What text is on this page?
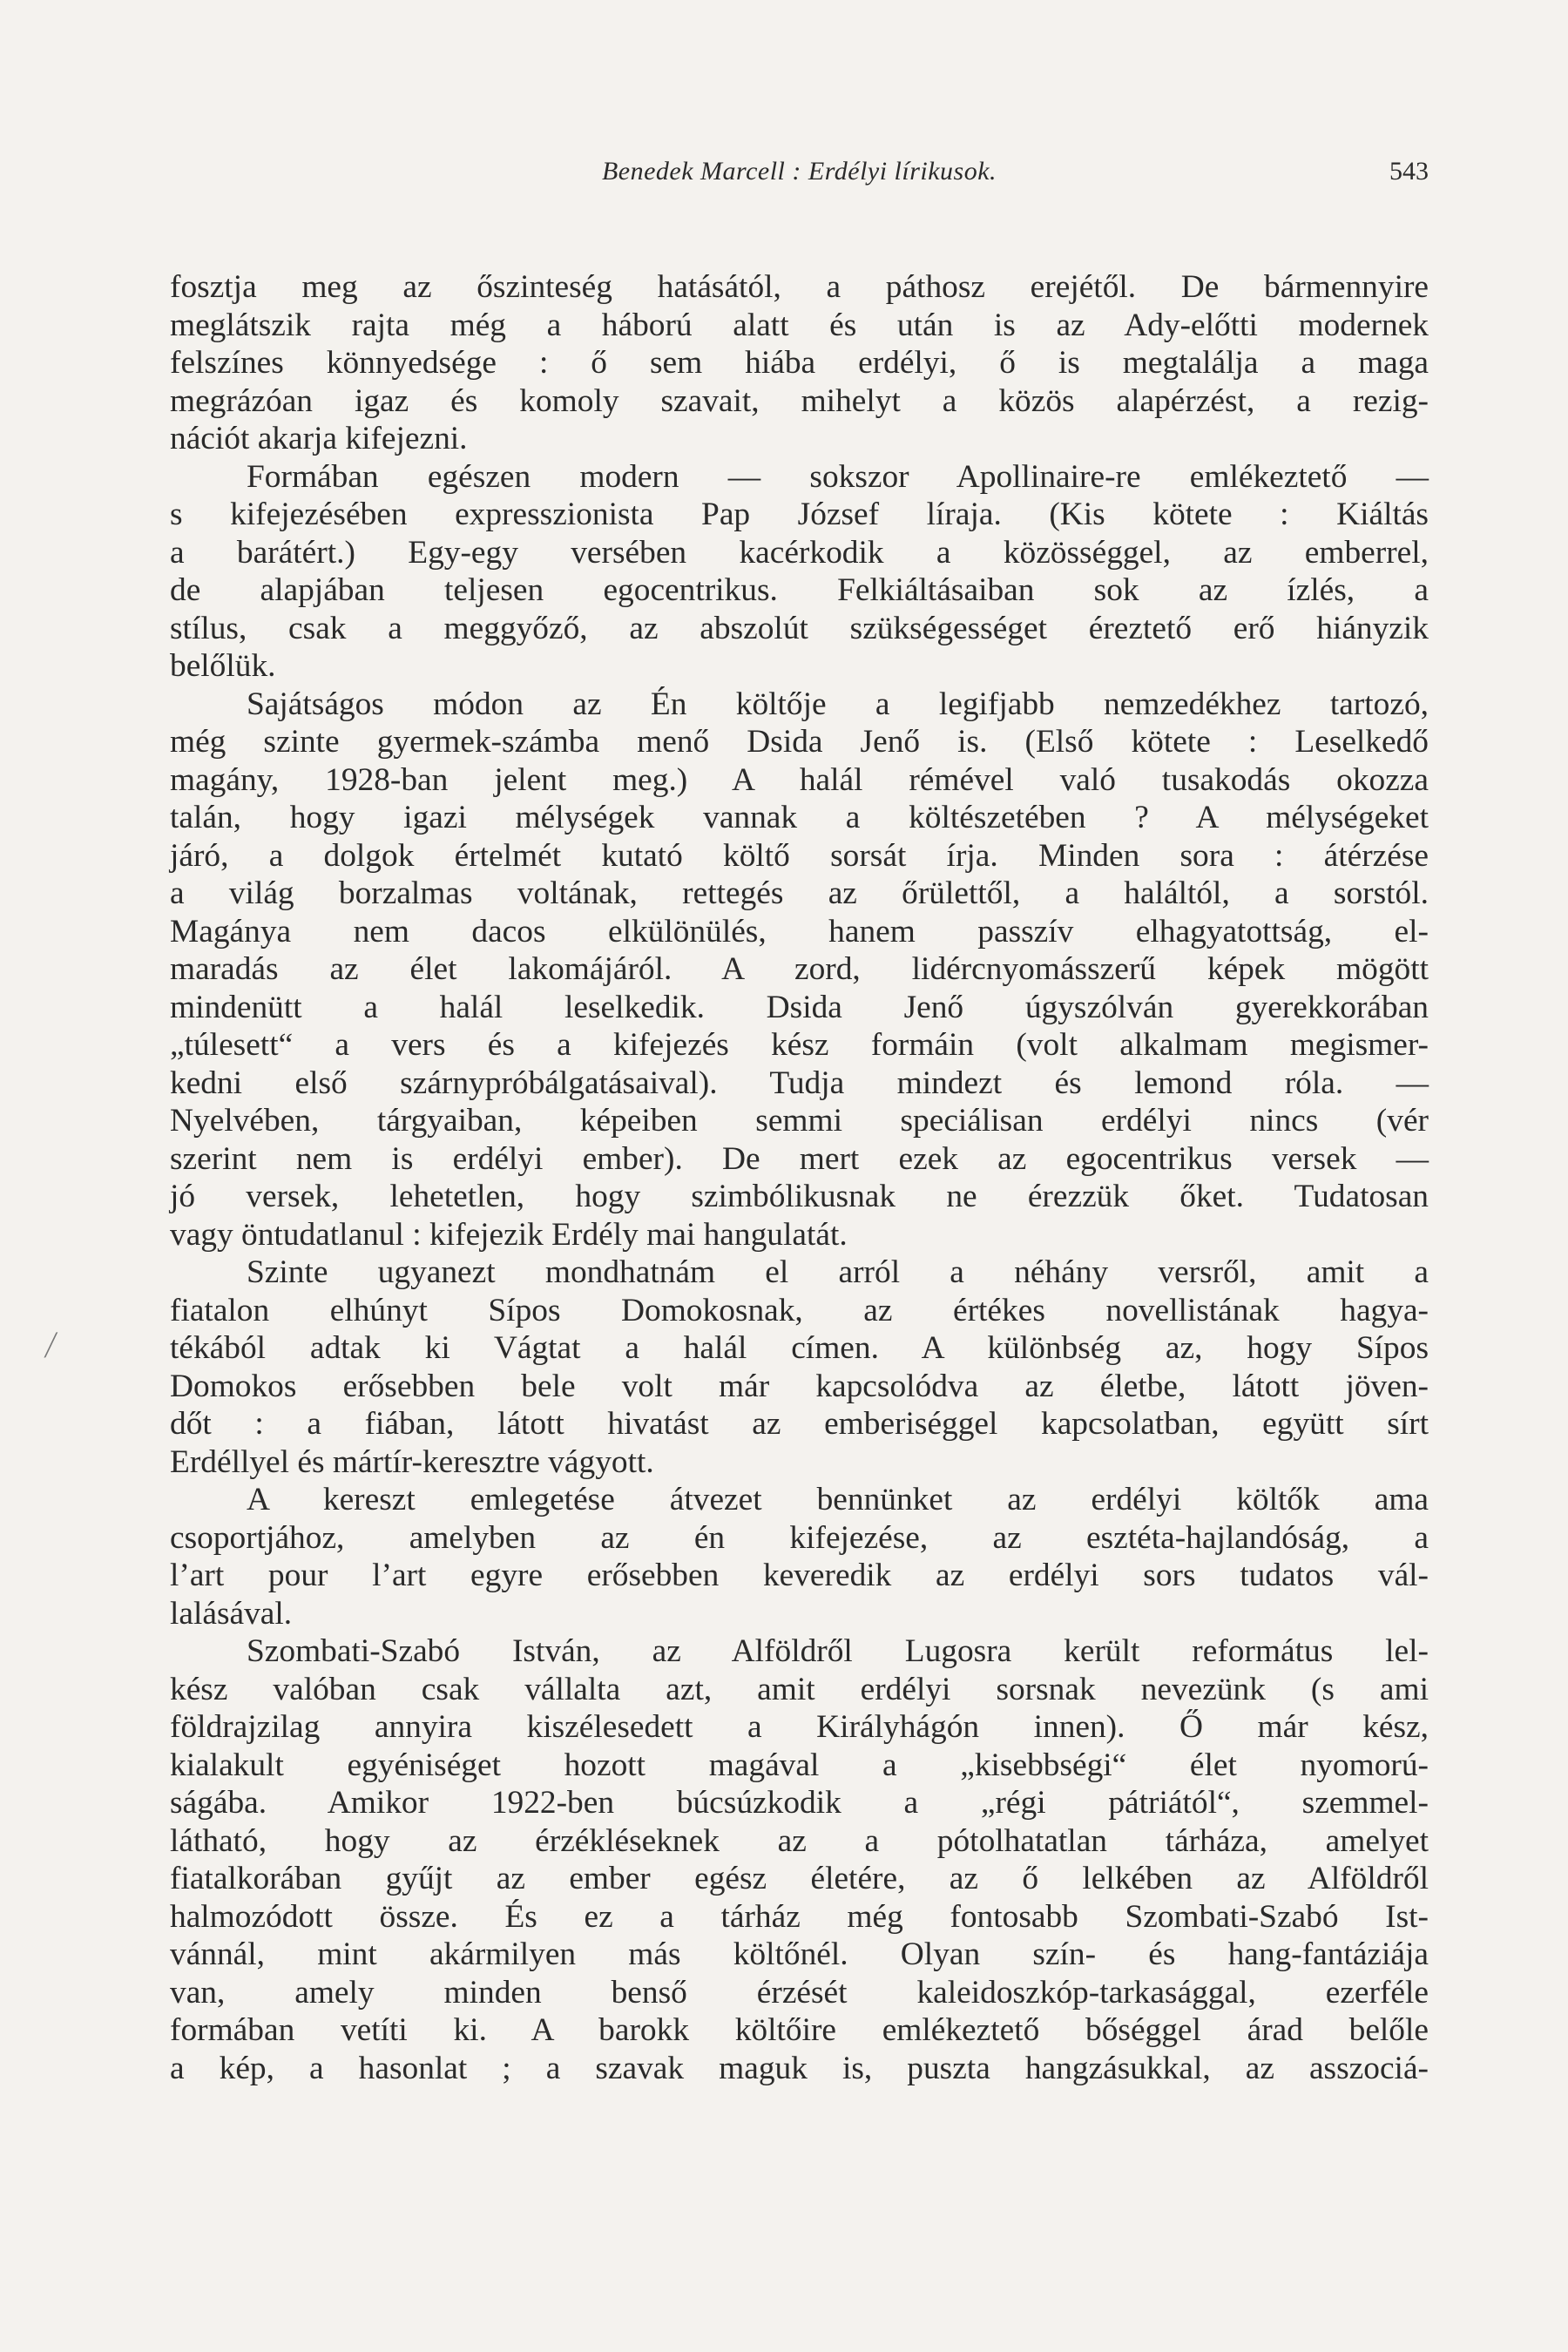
Benedek Marcell : Erdélyi lírikusok.	543
fosztja meg az őszinteség hatásától, a páthosz erejétől. De bármennyire
meglátszik rajta még a háború alatt és után is az Ady-előtti modernek
felszínes könnyedsége : ő sem hiába erdélyi, ő is megtalálja a maga
megrázóan igaz és komoly szavait, mihelyt a közös alapérzést, a rezig-
nációt akarja kifejezni.
Formában egészen modern — sokszor Apollinaire-re emlékeztető —
s kifejezésében expresszionista Pap József líraja. (Kis kötete : Kiáltás
a barátért.) Egy-egy versében kacérkodik a közösséggel, az emberrel,
de alapjában teljesen egocentrikus. Felkiáltásaiban sok az ízlés, a
stílus, csak a meggyőző, az abszolút szükségességet éreztető erő hiányzik
belőlük.
Sajátságos módon az Én költője a legifjabb nemzedékhez tartozó,
még szinte gyermek-számba menő Dsida Jenő is. (Első kötete : Leselkedő
magány, 1928-ban jelent meg.) A halál rémével való tusakodás okozza
talán, hogy igazi mélységek vannak a költészetében ? A mélységeket
járó, a dolgok értelmét kutató költő sorsát írja. Minden sora : átérzése
a világ borzalmas voltának, rettegés az őrülettől, a haláltól, a sorstól.
Magánya nem dacos elkülönülés, hanem passzív elhagyatottság, el-
maradás az élet lakomájáról. A zord, lidércnyomásszerű képek mögött
mindenütt a halál leselkedik. Dsida Jenő úgyszólván gyerekkorában
„túlesett“ a vers és a kifejezés kész formáin (volt alkalmam megismer-
kedni első szárnypróbálgatásaival). Tudja mindezt és lemond róla. —
Nyelvében, tárgyaiban, képeiben semmi speciálisan erdélyi nincs (vér
szerint nem is erdélyi ember). De mert ezek az egocentrikus versek —
jó versek, lehetetlen, hogy szimbólikusnak ne érezzük őket. Tudatosan
vagy öntudatlanul : kifejezik Erdély mai hangulatát.
Szinte ugyanezt mondhatnám el arról a néhány versről, amit a
fiatalon elhúnyt Sípos Domokosnak, az értékes novellistának hagya-
tékából adtak ki Vágtat a halál címen. A különbség az, hogy Sípos
Domokos erősebben bele volt már kapcsolódva az életbe, látott jöven-
dőt : a fiában, látott hivatást az emberiséggel kapcsolatban, együtt sírt
Erdéllyel és mártír-keresztre vágyott.
A kereszt emlegetése átvezet bennünket az erdélyi költők ama
csoportjához, amelyben az én kifejezése, az esztéta-hajlandóság, a
l’art pour l’art egyre erősebben keveredik az erdélyi sors tudatos vál-
lalásával.
Szombati-Szabó István, az Alföldről Lugosra került református lel-
kész valóban csak vállalta azt, amit erdélyi sorsnak nevezünk (s ami
földrajzilag annyira kiszélesedett a Királyhágón innen). Ő már kész,
kialakult egyéniséget hozott magával a „kisebbségi“ élet nyomorú-
ságába. Amikor 1922-ben búcsúzkodik a „régi pátriától“, szemmel-
látható, hogy az érzékléseknek az a pótolhatatlan tárháza, amelyet
fiatalkorában gyűjt az ember egész életére, az ő lelkében az Alföldről
halmozódott össze. És ez a tárház még fontosabb Szombati-Szabó Ist-
vánnál, mint akármilyen más költőnél. Olyan szín- és hang-fantáziája
van, amely minden benső érzését kaleidoszkóp-tarkasággal, ezerféle
formában vetíti ki. A barokk költőire emlékeztető bőséggel árad belőle
a kép, a hasonlat ; a szavak maguk is, puszta hangzásukkal, az asszociá-
⁄
